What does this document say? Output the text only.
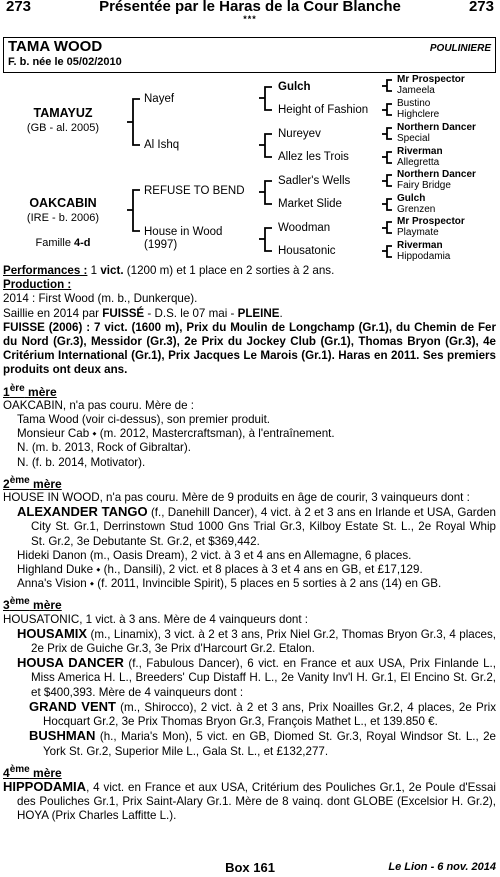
273	Présentée par le Haras de la Cour Blanche	273
***
TAMA WOOD
F. b. née le 05/02/2010
POULINIERE
TAMAYUZ
(GB - al. 2005)
OAKCABIN
(IRE - b. 2006)
Famille 4-d
Nayef
Al Ishq
REFUSE TO BEND
House in Wood
(1997)
Gulch
Height of Fashion
Nureyev
Allez les Trois
Sadler's Wells
Market Slide
Woodman
Housatonic
Mr Prospector
Jameela
Bustino
Highclere
Northern Dancer
Special
Riverman
Allegretta
Northern Dancer
Fairy Bridge
Gulch
Grenzen
Mr Prospector
Playmate
Riverman
Hippodamia

Performances : 1 vict. (1200 m) et 1 place en 2 sorties à 2 ans.

Production :

2014 : First Wood (m. b., Dunkerque).

Saillie en 2014 par FUISSÉ - D.S. le 07 mai - PLEINE.

FUISSE (2006) : 7 vict. (1600 m), Prix du Moulin de Longchamp (Gr.1), du Chemin de Fer du Nord (Gr.3), Messidor (Gr.3), 2e Prix du Jockey Club (Gr.1), Thomas Bryon (Gr.3), 4e Critérium International (Gr.1), Prix Jacques Le Marois (Gr.1). Haras en 2011. Ses premiers produits ont deux ans.

1ère mère

OAKCABIN, n'a pas couru. Mère de :

Tama Wood (voir ci-dessus), son premier produit.

Monsieur Cab ⬩ (m. 2012, Mastercraftsman), à l'entraînement.

N. (m. b. 2013, Rock of Gibraltar).

N. (f. b. 2014, Motivator).

2ème mère

HOUSE IN WOOD, n'a pas couru. Mère de 9 produits en âge de courir, 3 vainqueurs dont :

ALEXANDER TANGO (f., Danehill Dancer), 4 vict. à 2 et 3 ans en Irlande et USA, Garden City St. Gr.1, Derrinstown Stud 1000 Gns Trial Gr.3, Kilboy Estate St. L., 2e Royal Whip St. Gr.2, 3e Debutante St. Gr.2, et $369,442.

Hideki Danon (m., Oasis Dream), 2 vict. à 3 et 4 ans en Allemagne, 6 places.

Highland Duke ⬩ (h., Dansili), 2 vict. et 8 places à 3 et 4 ans en GB, et £17,129.

Anna's Vision ⬩ (f. 2011, Invincible Spirit), 5 places en 5 sorties à 2 ans (14) en GB.

3ème mère

HOUSATONIC, 1 vict. à 3 ans. Mère de 4 vainqueurs dont :

HOUSAMIX (m., Linamix), 3 vict. à 2 et 3 ans, Prix Niel Gr.2, Thomas Bryon Gr.3, 4 places, 2e Prix de Guiche Gr.3, 3e Prix d'Harcourt Gr.2. Etalon.

HOUSA DANCER (f., Fabulous Dancer), 6 vict. en France et aux USA, Prix Finlande L., Miss America H. L., Breeders' Cup Distaff H. L., 2e Vanity Inv'l H. Gr.1, El Encino St. Gr.2, et $400,393. Mère de 4 vainqueurs dont :

GRAND VENT (m., Shirocco), 2 vict. à 2 et 3 ans, Prix Noailles Gr.2, 4 places, 2e Prix Hocquart Gr.2, 3e Prix Thomas Bryon Gr.3, François Mathet L., et 139.850 €.

BUSHMAN (h., Maria's Mon), 5 vict. en GB, Diomed St. Gr.3, Royal Windsor St. L., 2e York St. Gr.2, Superior Mile L., Gala St. L., et £132,277.

4ème mère

HIPPODAMIA, 4 vict. en France et aux USA, Critérium des Pouliches Gr.1, 2e Poule d'Essai des Pouliches Gr.1, Prix Saint-Alary Gr.1. Mère de 8 vainq. dont GLOBE (Excelsior H. Gr.2), HOYA (Prix Charles Laffitte L.).

Box 161	Le Lion - 6 nov. 2014
